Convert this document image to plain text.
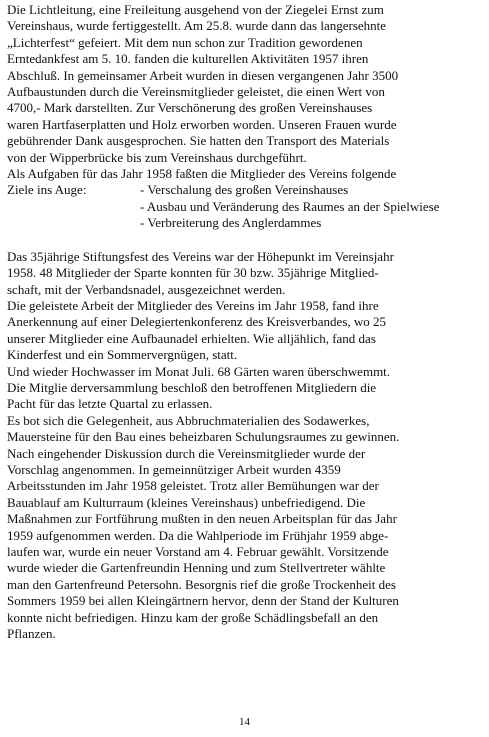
Die Lichtleitung, eine Freileitung ausgehend von der Ziegelei Ernst zum
Vereinshaus, wurde fertiggestellt. Am 25.8. wurde dann das langersehnte
„Lichterfest“ gefeiert. Mit dem nun schon zur Tradition gewordenen
Erntedankfest am 5. 10. fanden die kulturellen Aktivitäten 1957 ihren
Abschluß. In gemeinsamer Arbeit wurden in diesen vergangenen Jahr 3500
Aufbaustunden durch die Vereinsmitglieder geleistet, die einen Wert von
4700,- Mark darstellten. Zur Verschönerung des großen Vereinshauses
waren Hartfaserplatten und Holz erworben worden. Unseren Frauen wurde
gebührender Dank ausgesprochen. Sie hatten den Transport des Materials
von der Wipperbrücke bis zum Vereinshaus durchgeführt.
Als Aufgaben für das Jahr 1958 faßten die Mitglieder des Vereins folgende

Ziele ins Auge:	- Verschalung des großen Vereinshauses
- Ausbau und Veränderung des Raumes an der Spielwiese
- Verbreiterung des Anglerdammes

Das 35jährige Stiftungsfest des Vereins war der Höhepunkt im Vereinsjahr
1958. 48 Mitglieder der Sparte konnten für 30 bzw. 35jährige Mitglied-
schaft, mit der Verbandsnadel, ausgezeichnet werden.
Die geleistete Arbeit der Mitglieder des Vereins im Jahr 1958, fand ihre
Anerkennung auf einer Delegiertenkonferenz des Kreisverbandes, wo 25
unserer Mitglieder eine Aufbaunadel erhielten. Wie alljählich, fand das
Kinderfest und ein Sommervergnügen, statt.
Und wieder Hochwasser im Monat Juli. 68 Gärten waren überschwemmt.
Die Mitglie derversammlung beschloß den betroffenen Mitgliedern die
Pacht für das letzte Quartal zu erlassen.
Es bot sich die Gelegenheit, aus Abbruchmaterialien des Sodawerkes,
Mauersteine für den Bau eines beheizbaren Schulungsraumes zu gewinnen.
Nach eingehender Diskussion durch die Vereinsmitglieder wurde der
Vorschlag angenommen. In gemeinnütziger Arbeit wurden 4359
Arbeitsstunden im Jahr 1958 geleistet. Trotz aller Bemühungen war der
Bauablauf am Kulturraum (kleines Vereinshaus) unbefriedigend. Die
Maßnahmen zur Fortführung mußten in den neuen Arbeitsplan für das Jahr
1959 aufgenommen werden. Da die Wahlperiode im Frühjahr 1959 abge-
laufen war, wurde ein neuer Vorstand am 4. Februar gewählt. Vorsitzende
wurde wieder die Gartenfreundin Henning und zum Stellvertreter wählte
man den Gartenfreund Petersohn. Besorgnis rief die große Trockenheit des
Sommers 1959 bei allen Kleingärtnern hervor, denn der Stand der Kulturen
konnte nicht befriedigen. Hinzu kam der große Schädlingsbefall an den
Pflanzen.

14
